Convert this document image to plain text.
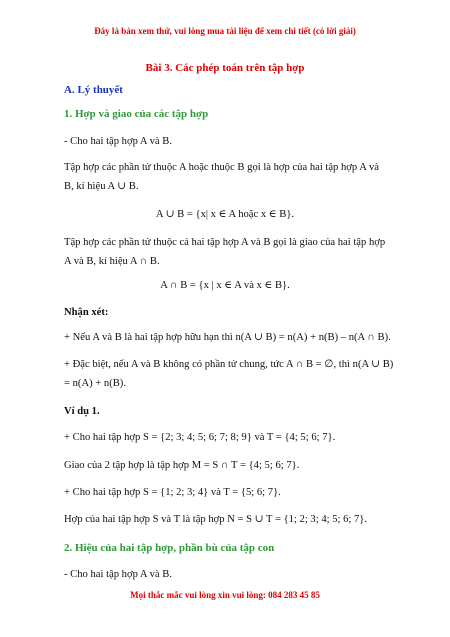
Đây là bản xem thử, vui lòng mua tài liệu để xem chi tiết (có lời giải)
Bài 3. Các phép toán trên tập hợp
A. Lý thuyết
1. Hợp và giao của các tập hợp
- Cho hai tập hợp A và B.
Tập hợp các phần tử thuộc A hoặc thuộc B gọi là hợp của hai tập hợp A và
B, kí hiệu A ∪ B.
A ∪ B = {x| x ∈ A hoặc x ∈ B}.
Tập hợp các phần tử thuộc cả hai tập hợp A và B gọi là giao của hai tập hợp
A và B, kí hiệu A ∩ B.
A ∩ B = {x | x ∈ A và x ∈ B}.
Nhận xét:
+ Nếu A và B là hai tập hợp hữu hạn thì n(A ∪ B) = n(A) + n(B) – n(A ∩ B).
+ Đặc biệt, nếu A và B không có phần tử chung, tức A ∩ B = ∅, thì n(A ∪ B)
= n(A) + n(B).
Ví dụ 1.
+ Cho hai tập hợp S = {2; 3; 4; 5; 6; 7; 8; 9} và T = {4; 5; 6; 7}.
Giao của 2 tập hợp là tập hợp M = S ∩ T = {4; 5; 6; 7}.
+ Cho hai tập hợp S = {1; 2; 3; 4} và T = {5; 6; 7}.
Hợp của hai tập hợp S và T là tập hợp N = S ∪ T = {1; 2; 3; 4; 5; 6; 7}.
2. Hiệu của hai tập hợp, phần bù của tập con
- Cho hai tập hợp A và B.
Mọi thắc mắc vui lòng xin vui lòng: 084 283 45 85
